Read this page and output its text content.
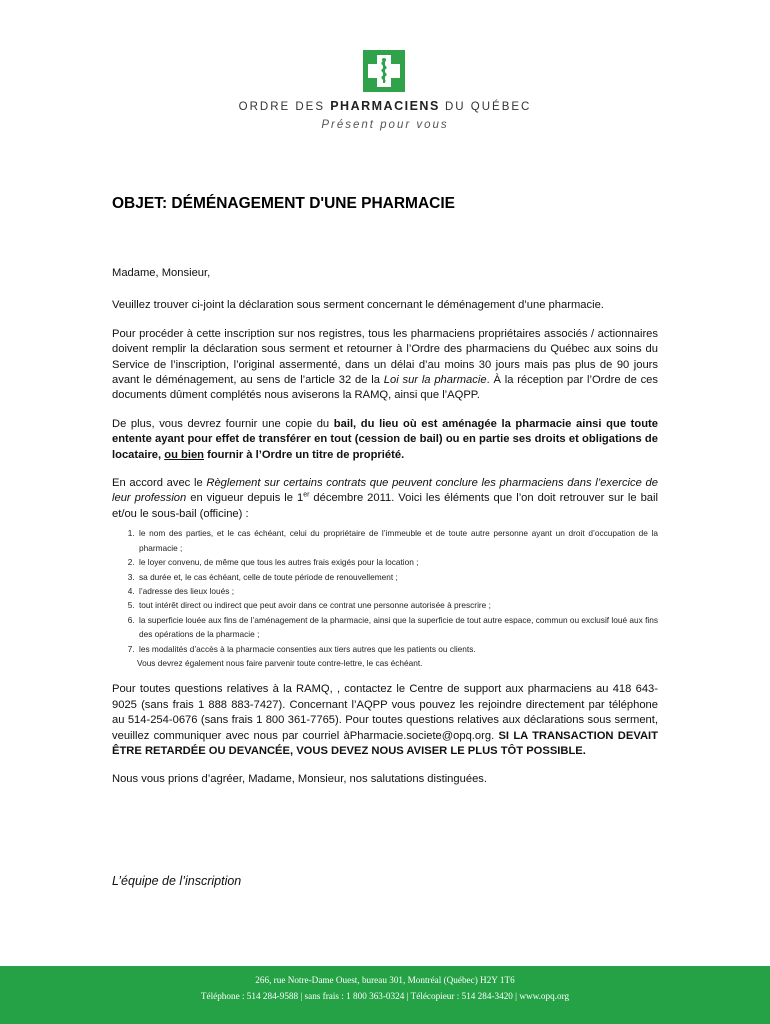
ORDRE DES PHARMACIENS DU QUÉBEC
Présent pour vous
OBJET: DÉMÉNAGEMENT D'UNE PHARMACIE

Madame, Monsieur,

Veuillez trouver ci-joint la déclaration sous serment concernant le déménagement d’une pharmacie.

Pour procéder à cette inscription sur nos registres, tous les pharmaciens propriétaires associés / actionnaires doivent remplir la déclaration sous serment et retourner à l’Ordre des pharmaciens du Québec aux soins du Service de l’inscription, l’original assermenté, dans un délai d’au moins 30 jours mais pas plus de 90 jours avant le déménagement, au sens de l’article 32 de la Loi sur la pharmacie. À la réception par l’Ordre de ces documents dûment complétés nous aviserons la RAMQ, ainsi que l’AQPP.

De plus, vous devrez fournir une copie du bail, du lieu où est aménagée la pharmacie ainsi que toute entente ayant pour effet de transférer en tout (cession de bail) ou en partie ses droits et obligations de locataire, ou bien fournir à l’Ordre un titre de propriété.

En accord avec le Règlement sur certains contrats que peuvent conclure les pharmaciens dans l’exercice de leur profession en vigueur depuis le 1er décembre 2011. Voici les éléments que l’on doit retrouver sur le bail et/ou le sous-bail (officine) :

1. le nom des parties, et le cas échéant, celui du propriétaire de l’immeuble et de toute autre personne ayant un droit d’occupation de la pharmacie ;
2. le loyer convenu, de même que tous les autres frais exigés pour la location ;
3. sa durée et, le cas échéant, celle de toute période de renouvellement ;
4. l’adresse des lieux loués ;
5. tout intérêt direct ou indirect que peut avoir dans ce contrat une personne autorisée à prescrire ;
6. la superficie louée aux fins de l’aménagement de la pharmacie, ainsi que la superficie de tout autre espace, commun ou exclusif loué aux fins des opérations de la pharmacie ;
7. les modalités d’accès à la pharmacie consenties aux tiers autres que les patients ou clients.
Vous devrez également nous faire parvenir toute contre-lettre, le cas échéant.

Pour toutes questions relatives à la RAMQ, , contactez le Centre de support aux pharmaciens au 418 643-9025 (sans frais 1 888 883-7427). Concernant l’AQPP vous pouvez les rejoindre directement par téléphone au 514-254-0676 (sans frais 1 800 361-7765). Pour toutes questions relatives aux déclarations sous serment, veuillez communiquer avec nous par courriel àPharmacie.societe@opq.org. SI LA TRANSACTION DEVAIT ÊTRE RETARDÉE OU DEVANCÉE, VOUS DEVEZ NOUS AVISER LE PLUS TÔT POSSIBLE.

Nous vous prions d’agréer, Madame, Monsieur, nos salutations distinguées.

L’équipe de l’inscription
266, rue Notre-Dame Ouest, bureau 301, Montréal (Québec) H2Y 1T6
Téléphone : 514 284-9588 | sans frais : 1 800 363-0324 | Télécopieur : 514 284-3420 | www.opq.org
